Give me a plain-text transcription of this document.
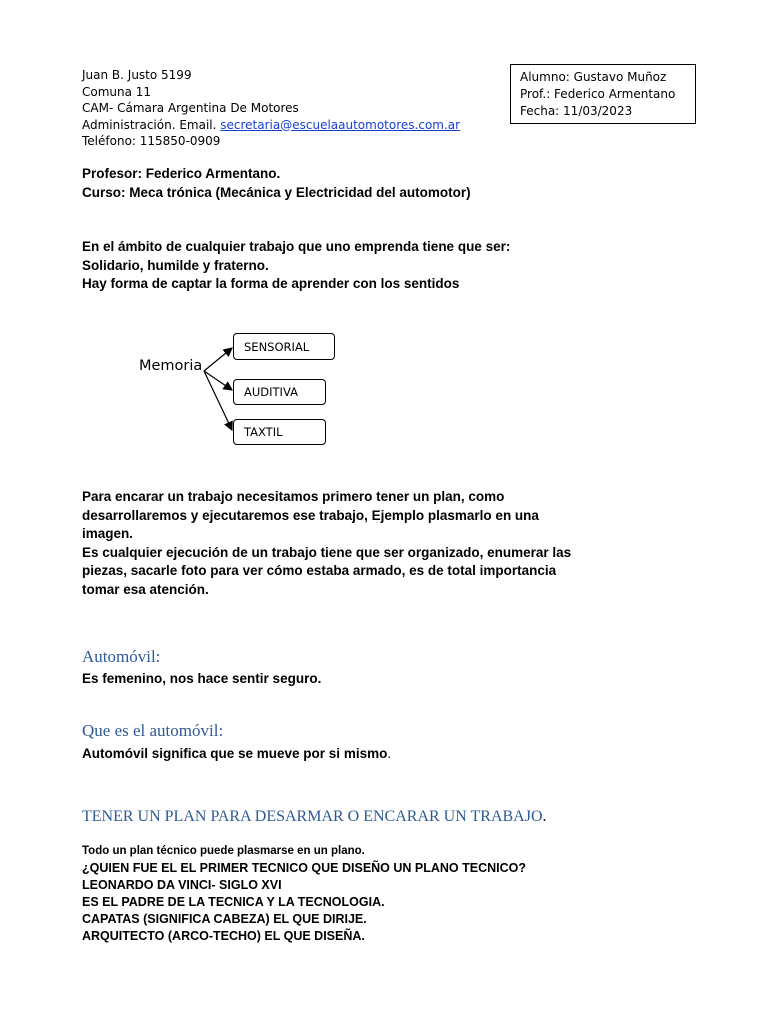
Juan B. Justo 5199
Comuna 11
CAM- Cámara Argentina De Motores
Administración. Email. secretaria@escuelaautomotores.com.ar
Teléfono: 115850-0909
Alumno: Gustavo Muñoz
Prof.: Federico Armentano
Fecha: 11/03/2023
Profesor: Federico Armentano.
Curso: Meca trónica (Mecánica y Electricidad del automotor)
En el ámbito de cualquier trabajo que uno emprenda tiene que ser:
Solidario, humilde y fraterno.
Hay forma de captar la forma de aprender con los sentidos
Memoria
SENSORIAL
AUDITIVA
TAXTIL
Para encarar un trabajo necesitamos primero tener un plan, como
desarrollaremos y ejecutaremos ese trabajo, Ejemplo plasmarlo en una
imagen.
Es cualquier ejecución de un trabajo tiene que ser organizado, enumerar las
piezas, sacarle foto para ver cómo estaba armado, es de total importancia
tomar esa atención.
Automóvil:
Es femenino, nos hace sentir seguro.
Que es el automóvil:
Automóvil significa que se mueve por si mismo.
TENER UN PLAN PARA DESARMAR O ENCARAR UN TRABAJO.
Todo un plan técnico puede plasmarse en un plano.
¿QUIEN FUE EL EL PRIMER TECNICO QUE DISEÑO UN PLANO TECNICO?
LEONARDO DA VINCI- SIGLO XVI
ES EL PADRE DE LA TECNICA Y LA TECNOLOGIA.
CAPATAS (SIGNIFICA CABEZA) EL QUE DIRIJE.
ARQUITECTO (ARCO-TECHO) EL QUE DISEÑA.
